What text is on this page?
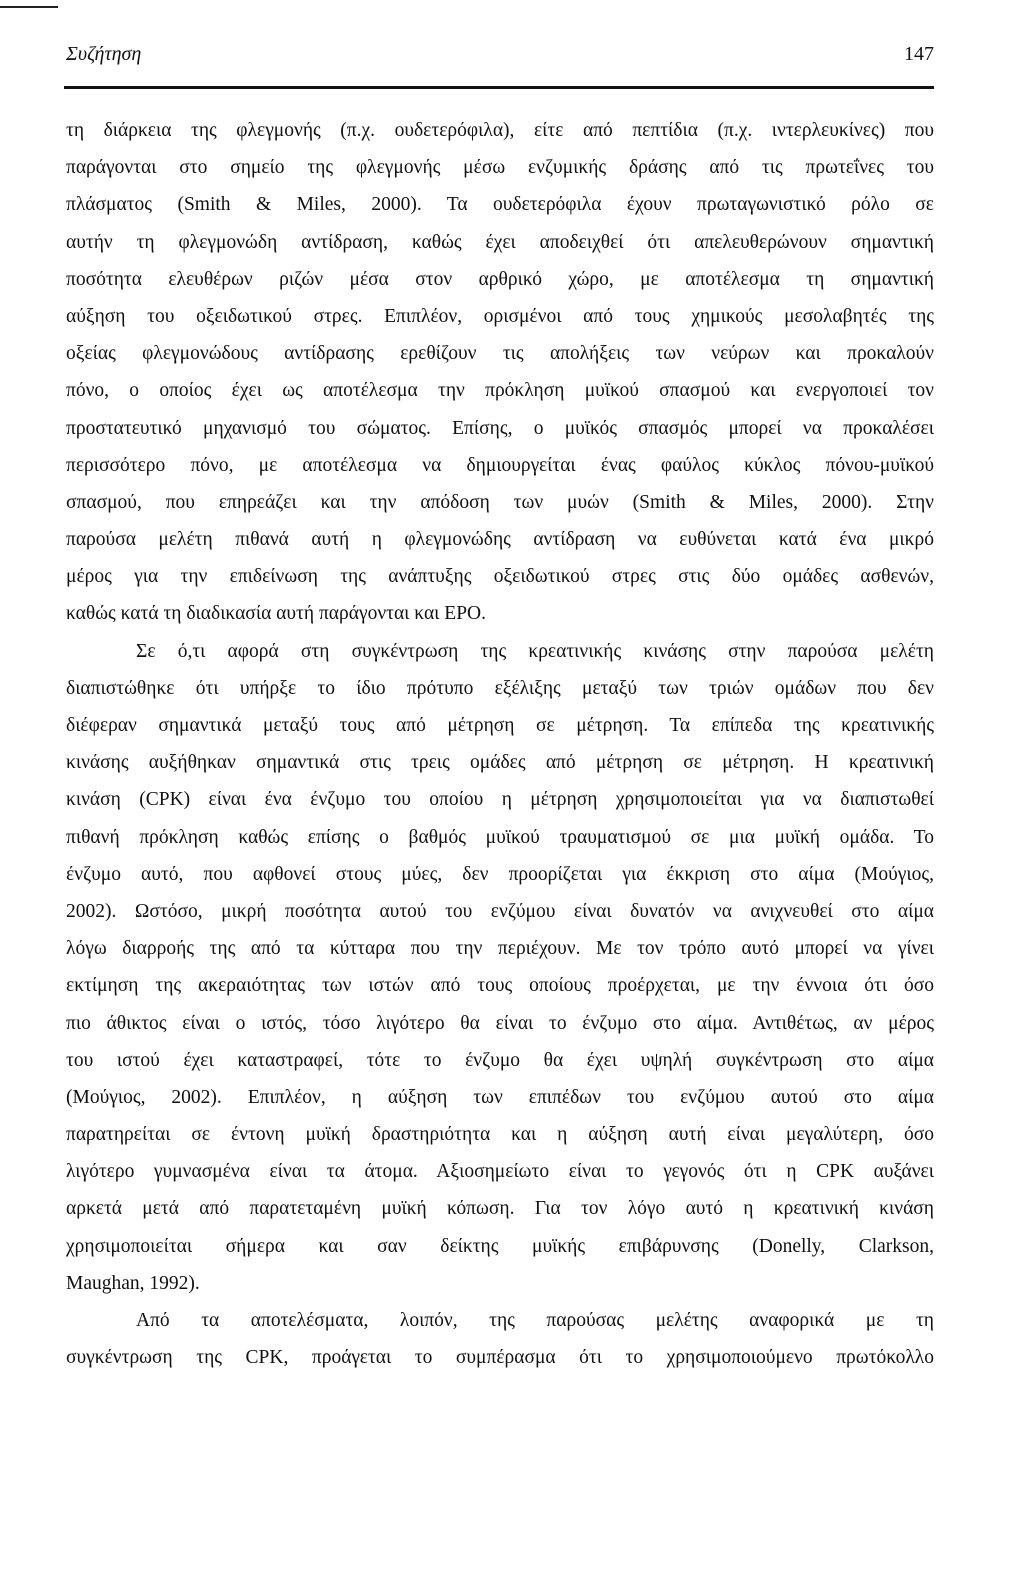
Συζήτηση	147
τη διάρκεια της φλεγμονής (π.χ. ουδετερόφιλα), είτε από πεπτίδια (π.χ. ιντερλευκίνες) που
παράγονται στο σημείο της φλεγμονής μέσω ενζυμικής δράσης από τις πρωτεΐνες του
πλάσματος (Smith & Miles, 2000). Τα ουδετερόφιλα έχουν πρωταγωνιστικό ρόλο σε
αυτήν τη φλεγμονώδη αντίδραση, καθώς έχει αποδειχθεί ότι απελευθερώνουν σημαντική
ποσότητα ελευθέρων ριζών μέσα στον αρθρικό χώρο, με αποτέλεσμα τη σημαντική
αύξηση του οξειδωτικού στρες. Επιπλέον, ορισμένοι από τους χημικούς μεσολαβητές της
οξείας φλεγμονώδους αντίδρασης ερεθίζουν τις απολήξεις των νεύρων και προκαλούν
πόνο, ο οποίος έχει ως αποτέλεσμα την πρόκληση μυϊκού σπασμού και ενεργοποιεί τον
προστατευτικό μηχανισμό του σώματος. Επίσης, ο μυϊκός σπασμός μπορεί να προκαλέσει
περισσότερο πόνο, με αποτέλεσμα να δημιουργείται ένας φαύλος κύκλος πόνου-μυϊκού
σπασμού, που επηρεάζει και την απόδοση των μυών (Smith & Miles, 2000). Στην
παρούσα μελέτη πιθανά αυτή η φλεγμονώδης αντίδραση να ευθύνεται κατά ένα μικρό
μέρος για την επιδείνωση της ανάπτυξης οξειδωτικού στρες στις δύο ομάδες ασθενών,
καθώς κατά τη διαδικασία αυτή παράγονται και ΕΡΟ.
Σε ό,τι αφορά στη συγκέντρωση της κρεατινικής κινάσης στην παρούσα μελέτη
διαπιστώθηκε ότι υπήρξε το ίδιο πρότυπο εξέλιξης μεταξύ των τριών ομάδων που δεν
διέφεραν σημαντικά μεταξύ τους από μέτρηση σε μέτρηση. Τα επίπεδα της κρεατινικής
κινάσης αυξήθηκαν σημαντικά στις τρεις ομάδες από μέτρηση σε μέτρηση. Η κρεατινική
κινάση (CPK) είναι ένα ένζυμο του οποίου η μέτρηση χρησιμοποιείται για να διαπιστωθεί
πιθανή πρόκληση καθώς επίσης ο βαθμός μυϊκού τραυματισμού σε μια μυϊκή ομάδα. Το
ένζυμο αυτό, που αφθονεί στους μύες, δεν προορίζεται για έκκριση στο αίμα (Μούγιος,
2002). Ωστόσο, μικρή ποσότητα αυτού του ενζύμου είναι δυνατόν να ανιχνευθεί στο αίμα
λόγω διαρροής της από τα κύτταρα που την περιέχουν. Με τον τρόπο αυτό μπορεί να γίνει
εκτίμηση της ακεραιότητας των ιστών από τους οποίους προέρχεται, με την έννοια ότι όσο
πιο άθικτος είναι ο ιστός, τόσο λιγότερο θα είναι το ένζυμο στο αίμα. Αντιθέτως, αν μέρος
του ιστού έχει καταστραφεί, τότε το ένζυμο θα έχει υψηλή συγκέντρωση στο αίμα
(Μούγιος, 2002). Επιπλέον, η αύξηση των επιπέδων του ενζύμου αυτού στο αίμα
παρατηρείται σε έντονη μυϊκή δραστηριότητα και η αύξηση αυτή είναι μεγαλύτερη, όσο
λιγότερο γυμνασμένα είναι τα άτομα. Αξιοσημείωτο είναι το γεγονός ότι η CPK αυξάνει
αρκετά μετά από παρατεταμένη μυϊκή κόπωση. Για τον λόγο αυτό η κρεατινική κινάση
χρησιμοποιείται σήμερα και σαν δείκτης μυϊκής επιβάρυνσης (Donelly, Clarkson,
Maughan, 1992).
Από τα αποτελέσματα, λοιπόν, της παρούσας μελέτης αναφορικά με τη
συγκέντρωση της CPK, προάγεται το συμπέρασμα ότι το χρησιμοποιούμενο πρωτόκολλο
